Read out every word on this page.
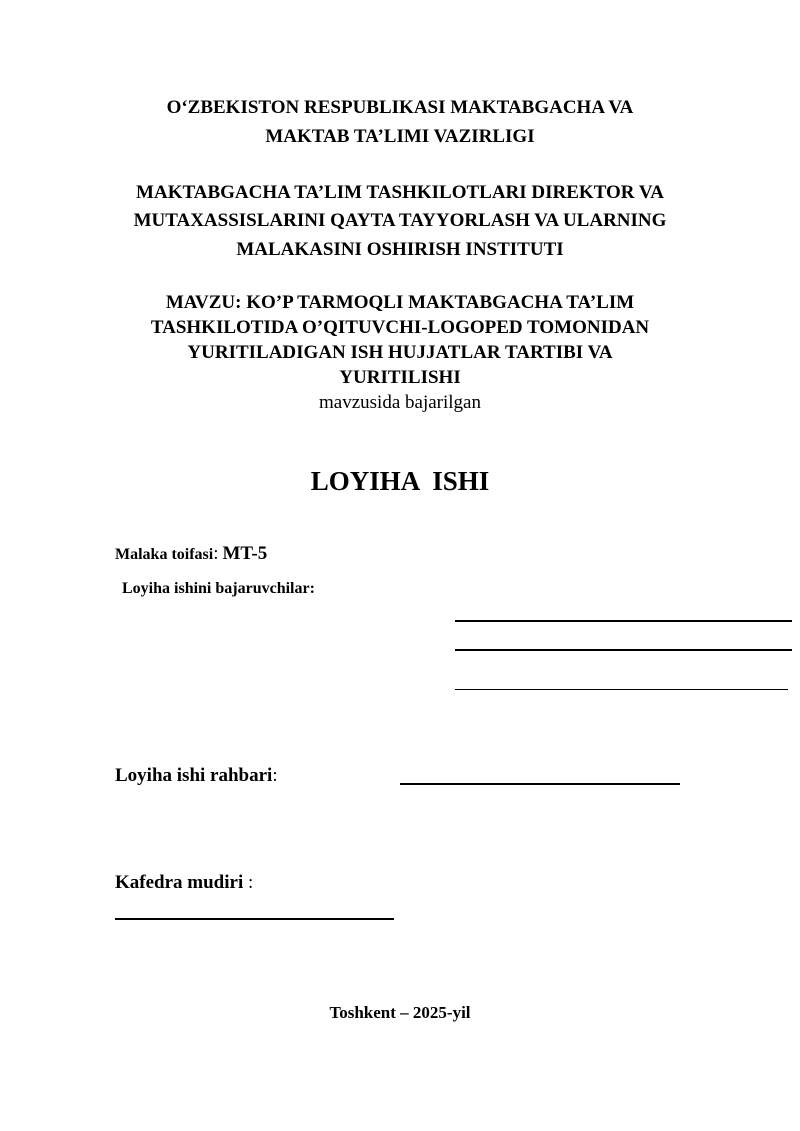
O‘ZBEKISTON RESPUBLIKASI MAKTABGACHA VA
MAKTAB TA’LIMI VAZIRLIGI
MAKTABGACHA TA’LIM TASHKILOTLARI DIREKTOR VA
MUTAXASSISLARINI QAYTA TAYYORLASH VA ULARNING
MALAKASINI OSHIRISH INSTITUTI
MAVZU: KO’P TARMOQLI MAKTABGACHA TA’LIM
TASHKILOTIDA O’QITUVCHI-LOGOPED TOMONIDAN
YURITILADIGAN ISH HUJJATLAR TARTIBI VA
YURITILISHI
mavzusida bajarilgan
LOYIHA  ISHI
Malaka toifasi: MT-5
Loyiha ishini bajaruvchilar:
Loyiha ishi rahbari:
Kafedra mudiri :
Toshkent – 2025-yil
